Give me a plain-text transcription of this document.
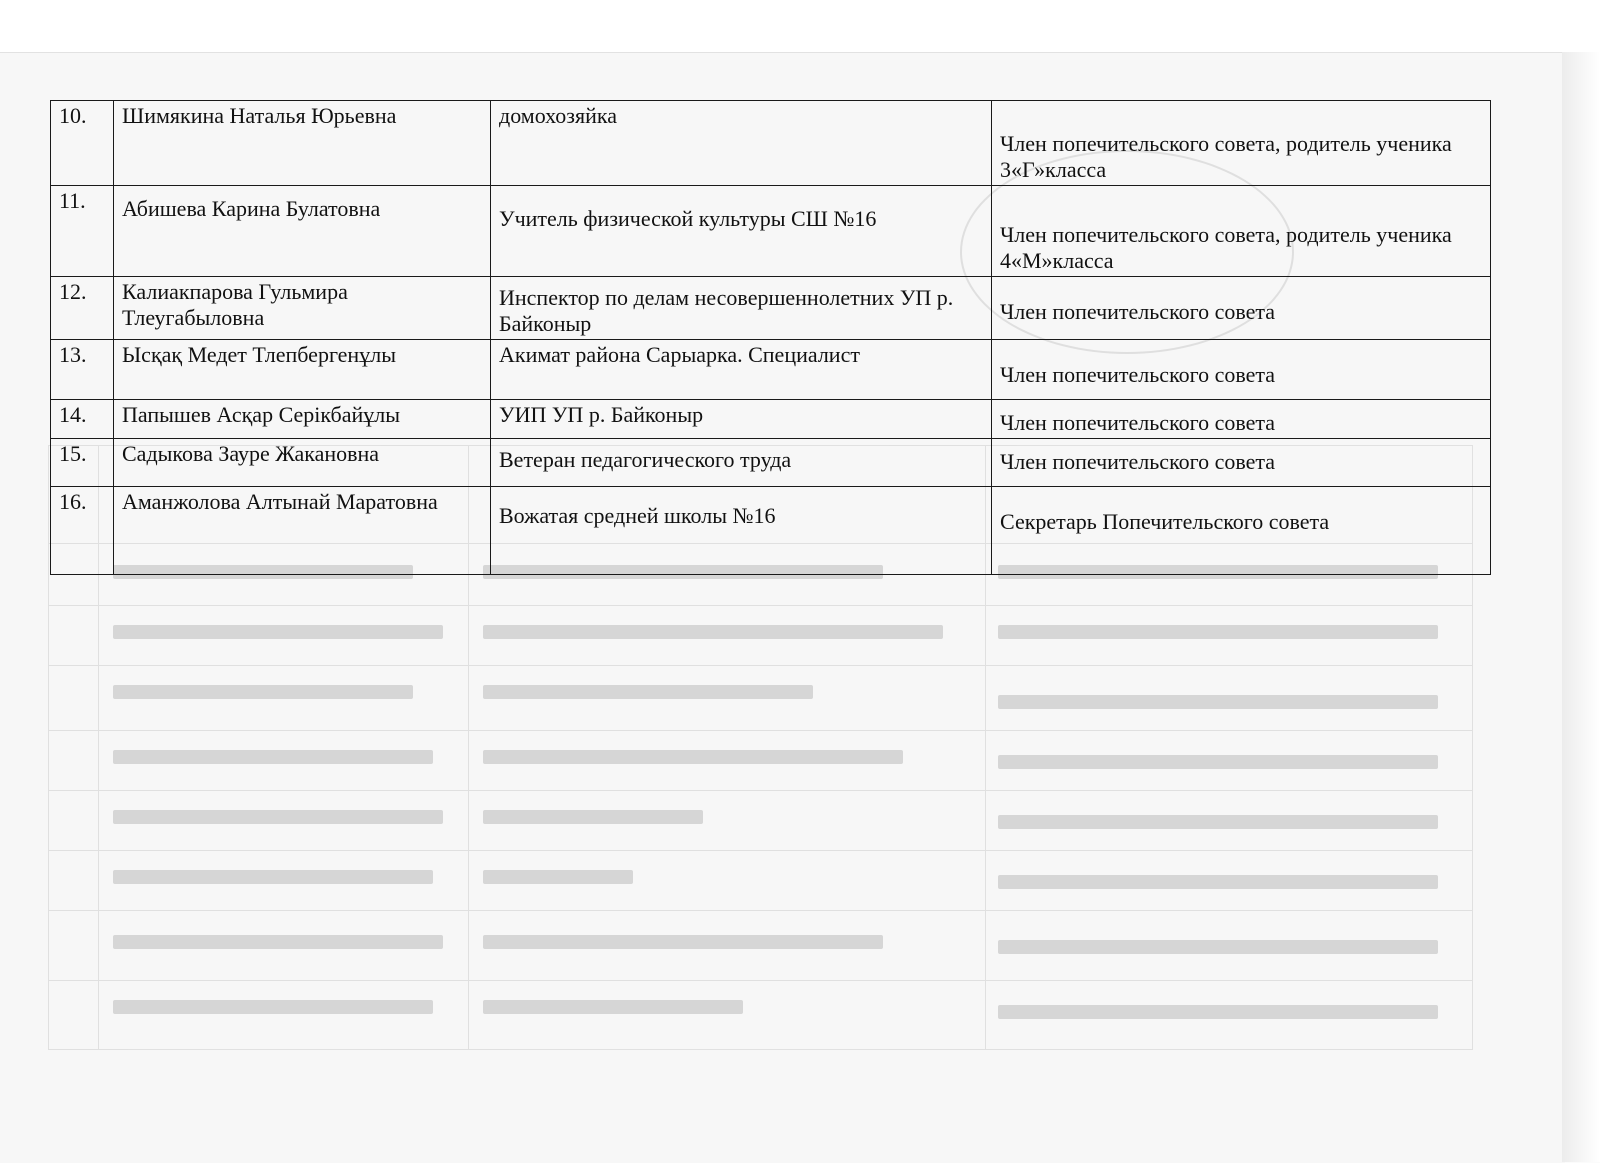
10.	Шимякина Наталья Юрьевна	домохозяйка	Член попечительского совета, родитель ученика 3«Г»класса
11.	Абишева Карина Булатовна	Учитель физической культуры СШ №16	Член попечительского совета, родитель ученика 4«М»класса
12.	Калиакпарова Гульмира Тлеугабыловна	Инспектор по делам несовершеннолетних УП р. Байконыр	Член попечительского совета
13.	Ысқақ Медет Тлепбергенұлы	Акимат района Сарыарка. Специалист	Член попечительского совета
14.	Папышев Асқар Серікбайұлы	УИП УП р. Байконыр	Член попечительского совета
15.	Садыкова Зауре Жакановна	Ветеран педагогического труда	Член попечительского совета
16.	Аманжолова Алтынай Маратовна	Вожатая средней школы №16	Секретарь Попечительского совета
